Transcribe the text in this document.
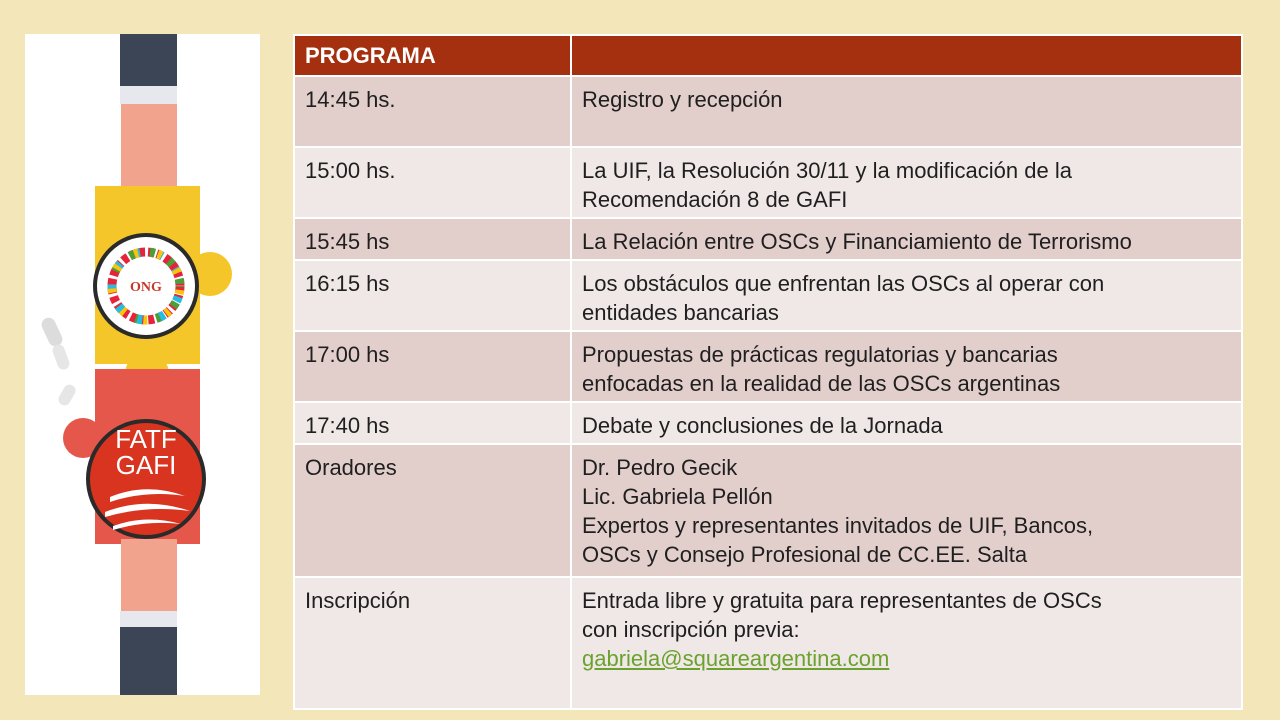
ONG
FATF
GAFI
PROGRAMA	
14:45 hs.	Registro y recepción

15:00 hs.	La UIF, la Resolución 30/11 y la modificación de la
Recomendación 8 de GAFI

15:45 hs	La Relación entre OSCs y Financiamiento de Terrorismo

16:15 hs	Los obstáculos que enfrentan las OSCs al operar con
entidades bancarias

17:00 hs	Propuestas de prácticas regulatorias y bancarias
enfocadas en la realidad de las OSCs argentinas

17:40 hs	Debate y conclusiones de la Jornada

Oradores	Dr. Pedro Gecik
Lic. Gabriela Pellón
Expertos y representantes invitados de UIF, Bancos,
OSCs y Consejo Profesional de CC.EE. Salta

Inscripción	Entrada libre y gratuita para representantes de OSCs
con inscripción previa:
gabriela@squareargentina.com
